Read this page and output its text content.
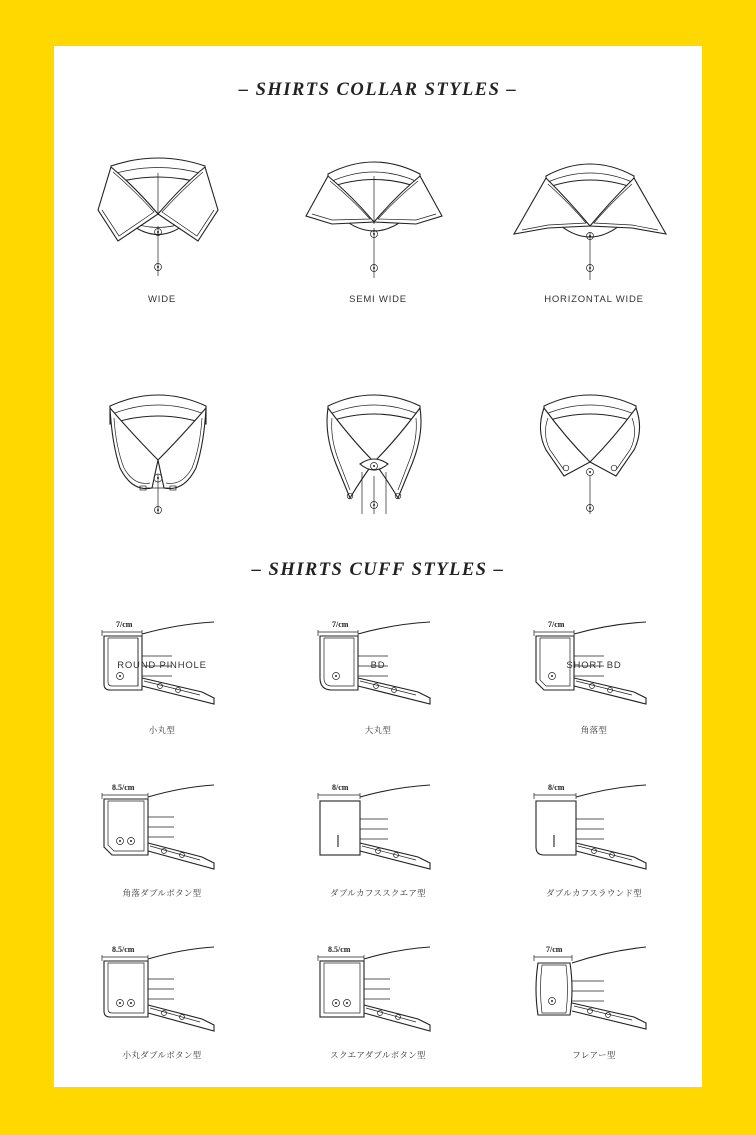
– SHIRTS COLLAR STYLES –
WIDE	SEMI WIDE	HORIZONTAL WIDE
ROUND PINHOLE	BD	SHORT BD
– SHIRTS CUFF STYLES –
7/cm
小丸型
7/cm
大丸型
7/cm
角落型
8.5/cm
角落ダブルボタン型
8/cm
ダブルカフススクエア型
8/cm
ダブルカフスラウンド型
8.5/cm
小丸ダブルボタン型
8.5/cm
スクエアダブルボタン型
7/cm
フレアー型
